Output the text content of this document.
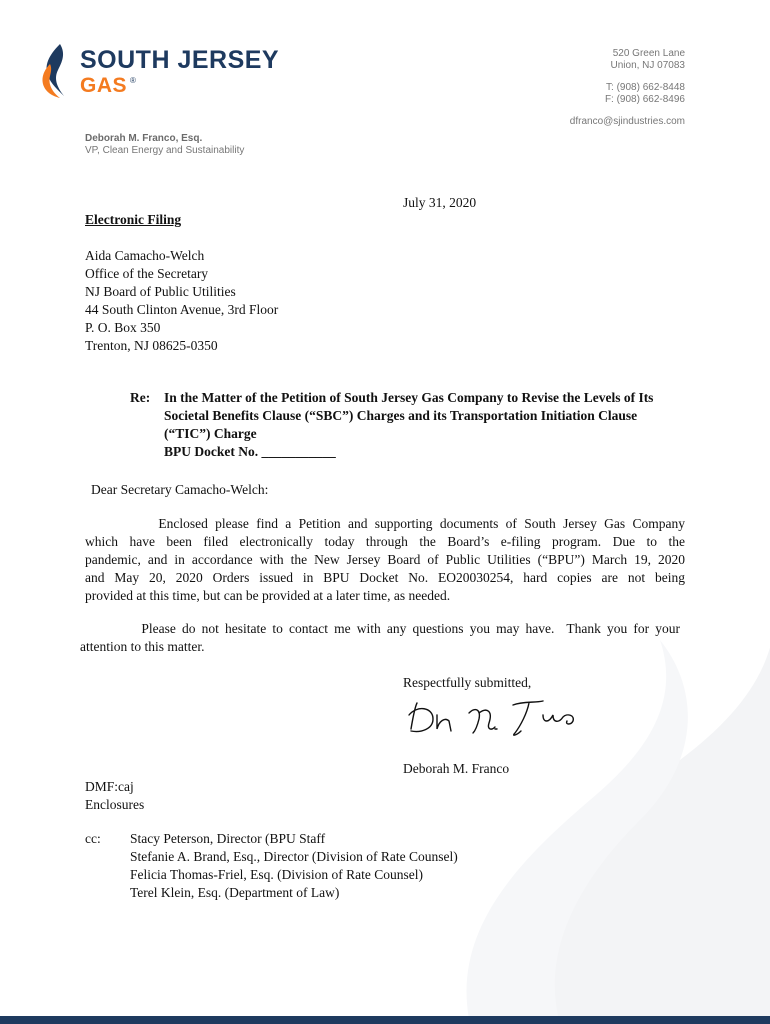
SOUTH JERSEY
GAS ®
520 Green Lane
Union, NJ 07083
T: (908) 662-8448
F: (908) 662-8496
dfranco@sjindustries.com
Deborah M. Franco, Esq.
VP, Clean Energy and Sustainability
July 31, 2020
Electronic Filing
Aida Camacho-Welch
Office of the Secretary
NJ Board of Public Utilities
44 South Clinton Avenue, 3rd Floor
P. O. Box 350
Trenton, NJ 08625-0350
Re: In the Matter of the Petition of South Jersey Gas Company to Revise the Levels of Its
Societal Benefits Clause (“SBC”) Charges and its Transportation Initiation Clause
(“TIC”) Charge
BPU Docket No. ___________
Dear Secretary Camacho-Welch:
Enclosed please find a Petition and supporting documents of South Jersey Gas Company
which have been filed electronically today through the Board’s e-filing program. Due to the
pandemic, and in accordance with the New Jersey Board of Public Utilities (“BPU”) March 19, 2020
and May 20, 2020 Orders issued in BPU Docket No. EO20030254, hard copies are not being
provided at this time, but can be provided at a later time, as needed.
Please do not hesitate to contact me with any questions you may have.  Thank you for your
attention to this matter.
Respectfully submitted,
Deborah M. Franco
DMF:caj
Enclosures
cc: Stacy Peterson, Director (BPU Staff
Stefanie A. Brand, Esq., Director (Division of Rate Counsel)
Felicia Thomas-Friel, Esq. (Division of Rate Counsel)
Terel Klein, Esq. (Department of Law)
